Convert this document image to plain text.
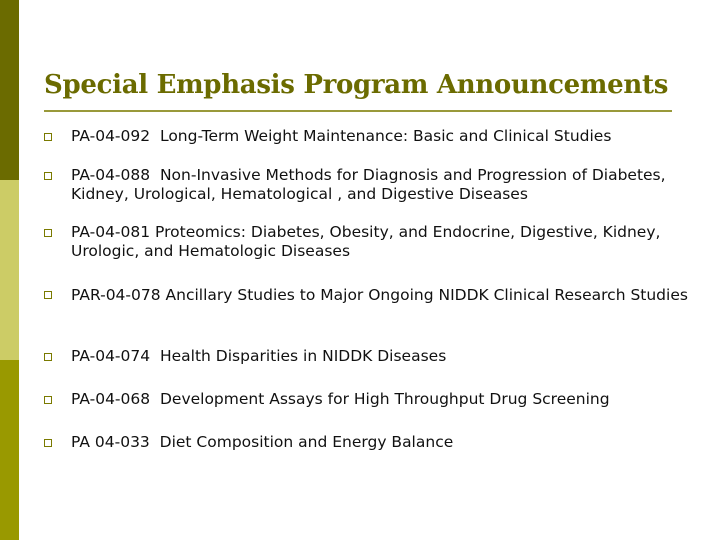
Special Emphasis Program Announcements
PA-04-092  Long-Term Weight Maintenance: Basic and Clinical Studies
PA-04-088  Non-Invasive Methods for Diagnosis and Progression of Diabetes, Kidney, Urological, Hematological , and Digestive Diseases
PA-04-081 Proteomics: Diabetes, Obesity, and Endocrine, Digestive, Kidney, Urologic, and Hematologic Diseases
PAR-04-078 Ancillary Studies to Major Ongoing NIDDK Clinical Research Studies
PA-04-074  Health Disparities in NIDDK Diseases
PA-04-068  Development Assays for High Throughput Drug Screening
PA 04-033  Diet Composition and Energy Balance
